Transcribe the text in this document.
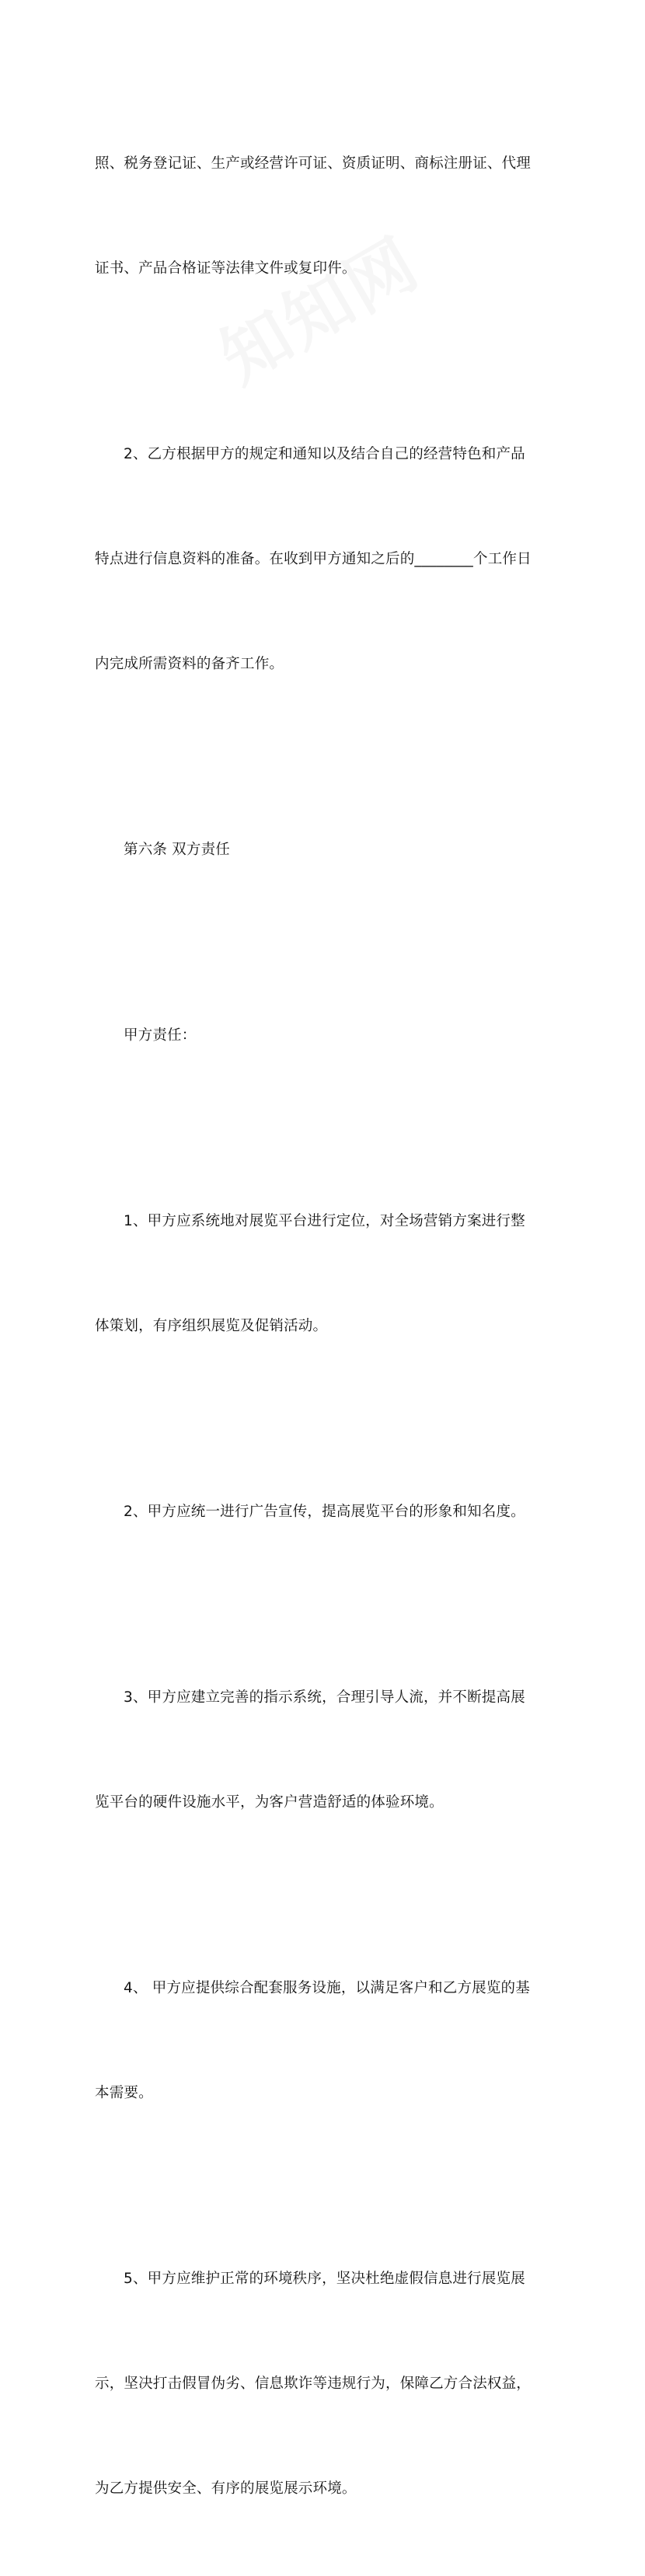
照、税务登记证、生产或经营许可证、资质证明、商标注册证、代理

证书、产品合格证等法律文件或复印件。

2、乙方根据甲方的规定和通知以及结合自己的经营特色和产品

特点进行信息资料的准备。在收到甲方通知之后的________个工作日

内完成所需资料的备齐工作。

第六条 双方责任

甲方责任：

1、甲方应系统地对展览平台进行定位，对全场营销方案进行整

体策划，有序组织展览及促销活动。

2、甲方应统一进行广告宣传，提高展览平台的形象和知名度。

3、甲方应建立完善的指示系统，合理引导人流，并不断提高展

览平台的硬件设施水平，为客户营造舒适的体验环境。

4、 甲方应提供综合配套服务设施，以满足客户和乙方展览的基

本需要。

5、甲方应维护正常的环境秩序，坚决杜绝虚假信息进行展览展

示，坚决打击假冒伪劣、信息欺诈等违规行为，保障乙方合法权益，

为乙方提供安全、有序的展览展示环境。
